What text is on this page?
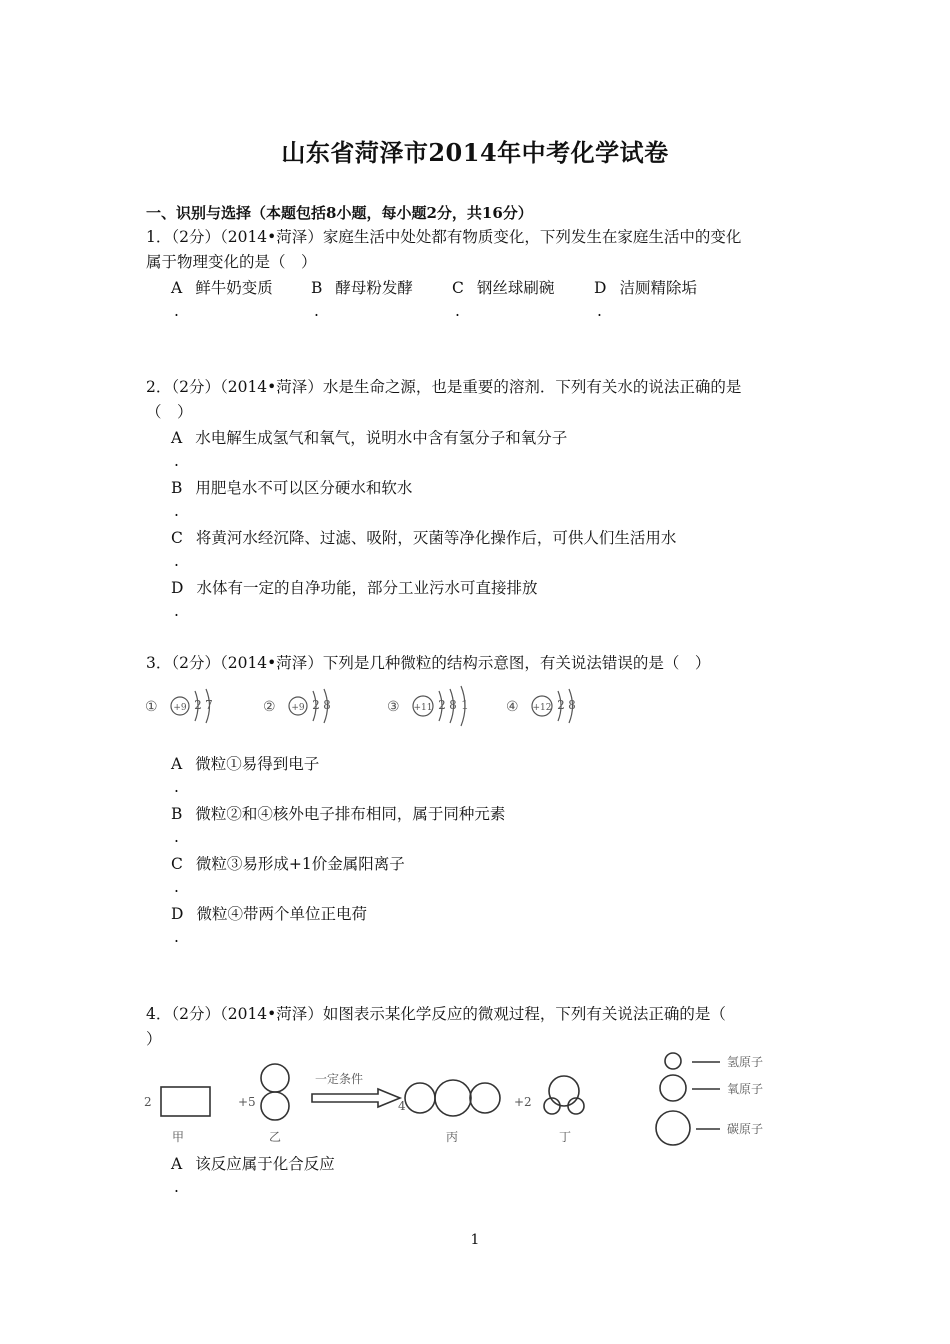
山东省菏泽市2014年中考化学试卷
一、识别与选择（本题包括8小题，每小题2分，共16分）
1．（2分）（2014•菏泽）家庭生活中处处都有物质变化，下列发生在家庭生活中的变化
属于物理变化的是（　）
A 鲜牛奶变质 B 酵母粉发酵	C 钢丝球刷碗	D 洁厕精除垢
.	.	.	.
2．（2分）（2014•菏泽）水是生命之源，也是重要的溶剂．下列有关水的说法正确的是
（　）
A 水电解生成氢气和氧气，说明水中含有氢分子和氧分子
.
B 用肥皂水不可以区分硬水和软水
.
C 将黄河水经沉降、过滤、吸附，灭菌等净化操作后，可供人们生活用水
.
D 水体有一定的自净功能，部分工业污水可直接排放
.
3．（2分）（2014•菏泽）下列是几种微粒的结构示意图，有关说法错误的是（　）
① +9 2 7	② +9 2 8	③ +11 2 8 1	④ +12 2 8
A 微粒①易得到电子
.
B 微粒②和④核外电子排布相同，属于同种元素
.
C 微粒③易形成+1价金属阳离子
.
D 微粒④带两个单位正电荷
.
4．（2分）（2014•菏泽）如图表示某化学反应的微观过程，下列有关说法正确的是（
）
2	+5	4	+2
一定条件
甲	乙	丙	丁
氢原子
氧原子
碳原子
A 该反应属于化合反应
.
1
